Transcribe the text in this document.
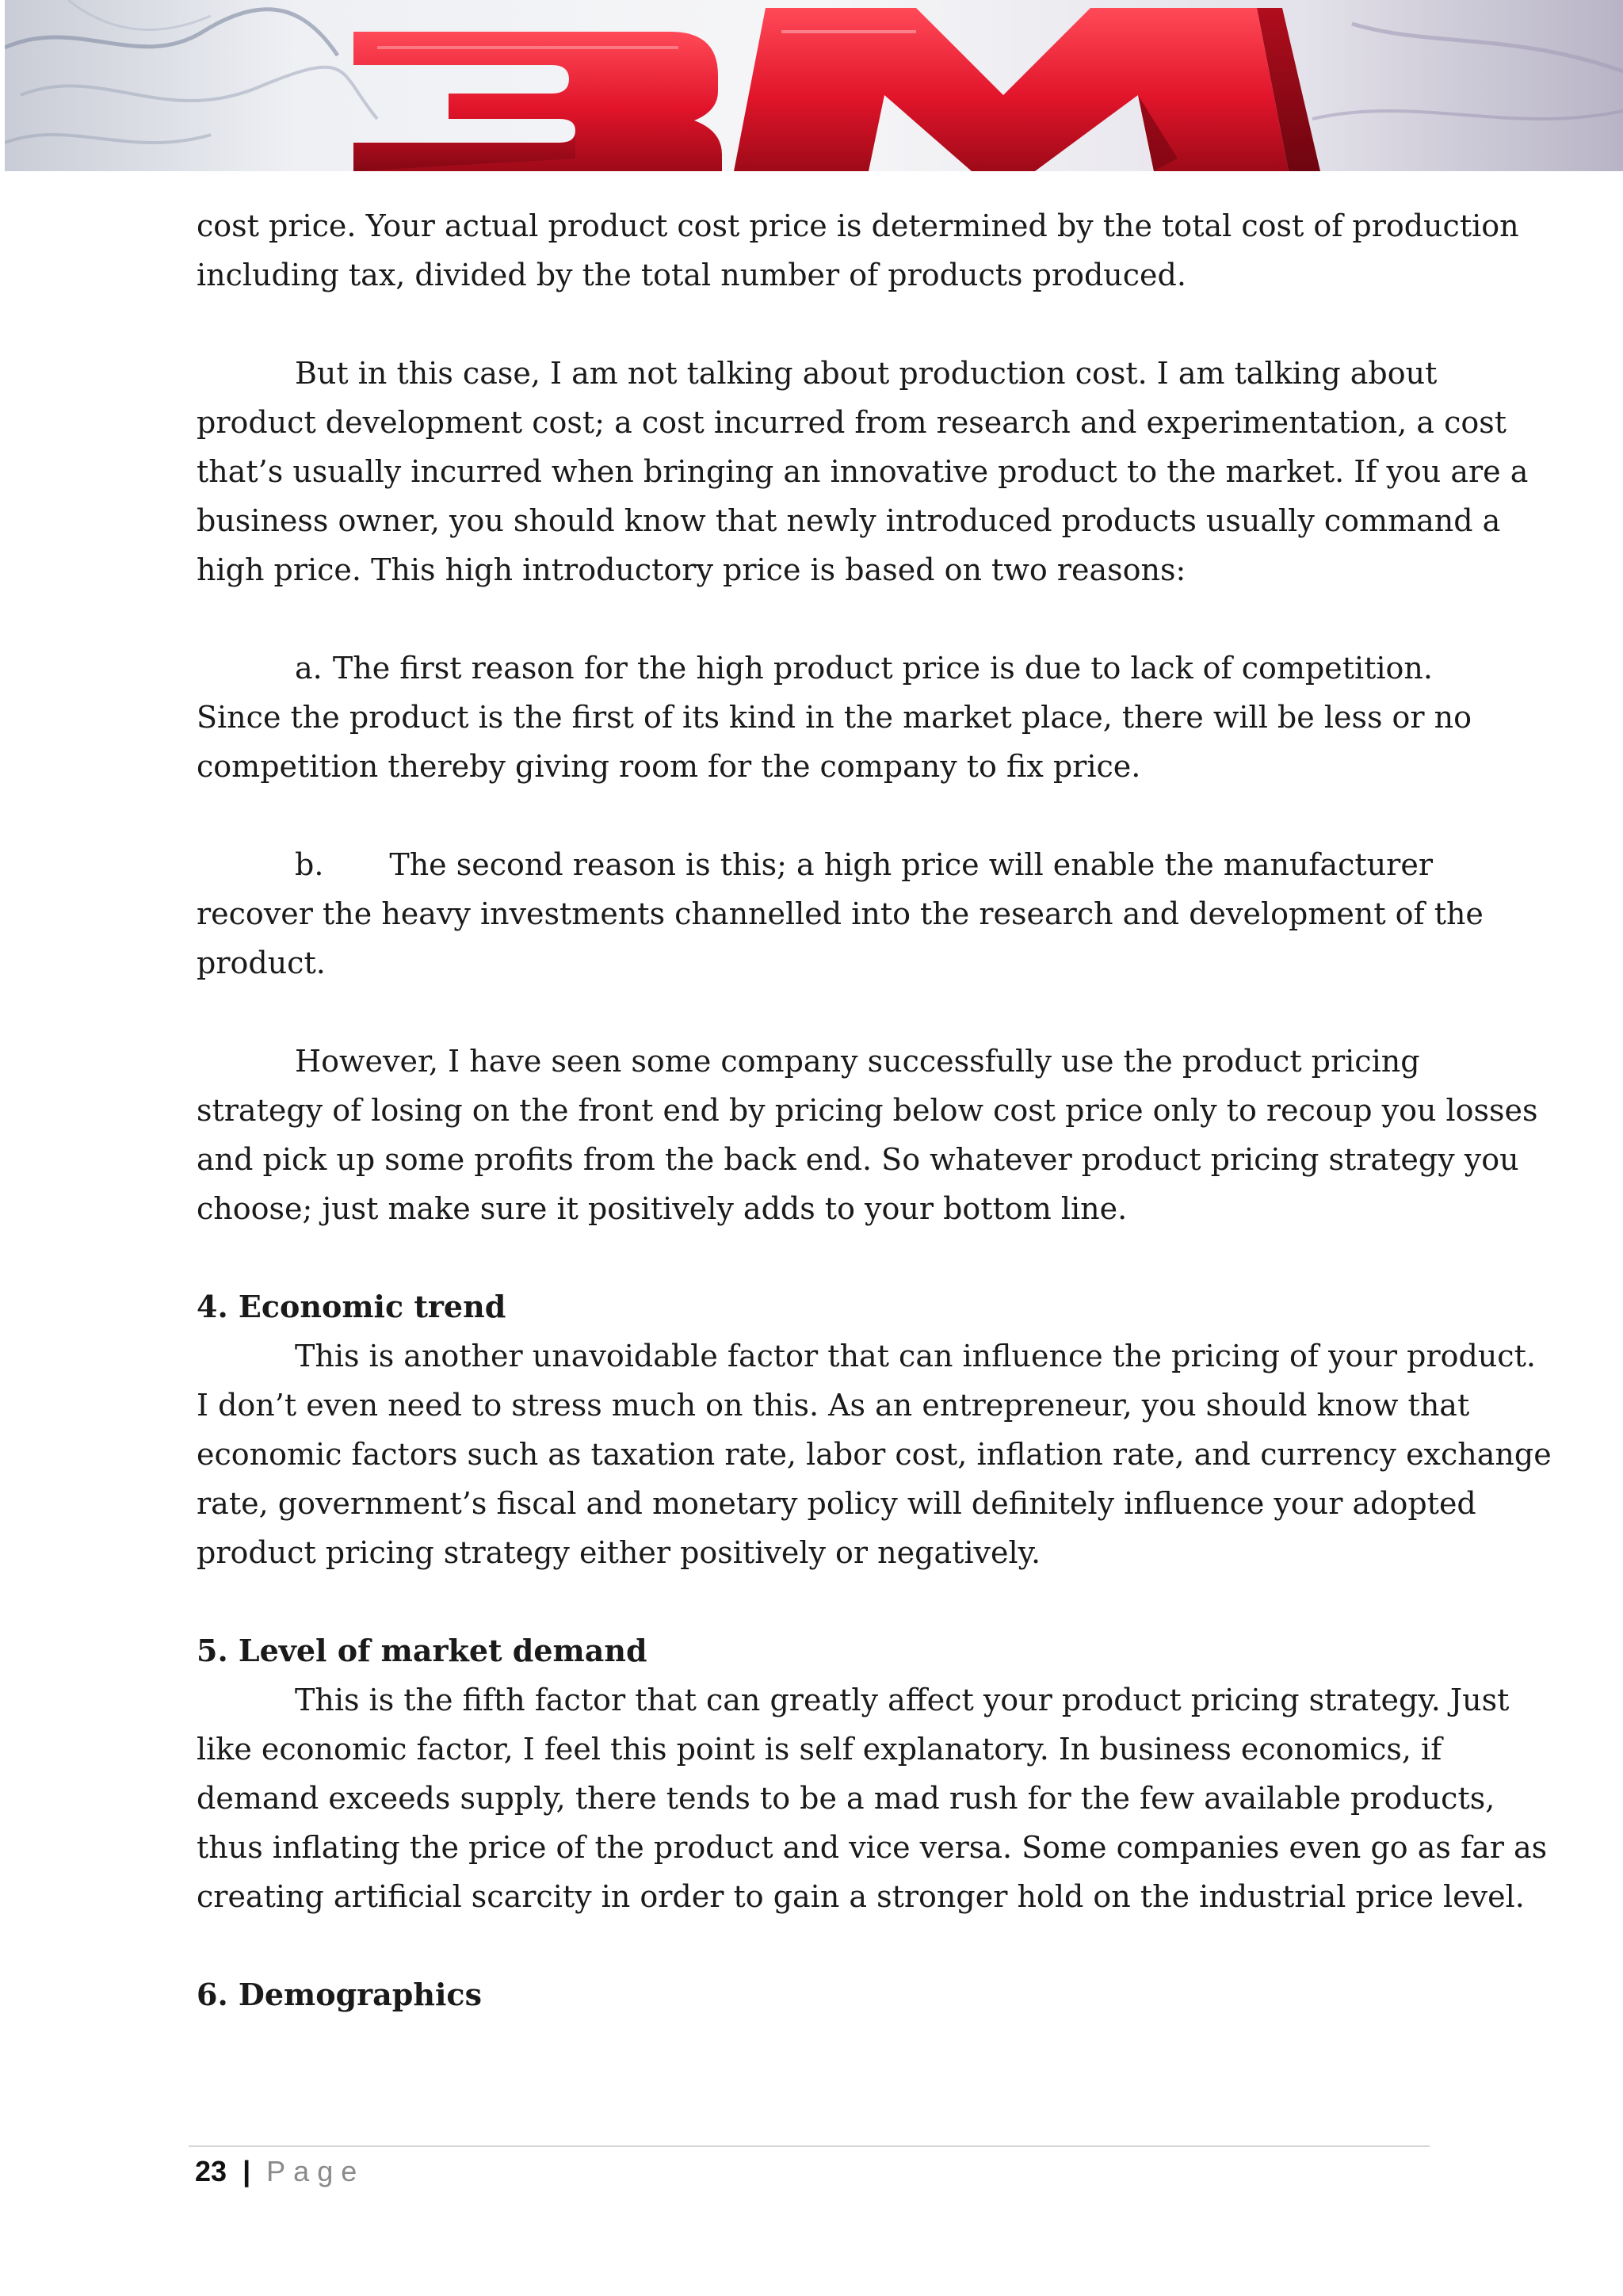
cost price. Your actual product cost price is determined by the total cost of production
including tax, divided by the total number of products produced.
But in this case, I am not talking about production cost. I am talking about
product development cost; a cost incurred from research and experimentation, a cost
that’s usually incurred when bringing an innovative product to the market. If you are a
business owner, you should know that newly introduced products usually command a
high price. This high introductory price is based on two reasons:
a. The first reason for the high product price is due to lack of competition.
Since the product is the first of its kind in the market place, there will be less or no
competition thereby giving room for the company to fix price.
b.	The second reason is this; a high price will enable the manufacturer
recover the heavy investments channelled into the research and development of the
product.
However, I have seen some company successfully use the product pricing
strategy of losing on the front end by pricing below cost price only to recoup you losses
and pick up some profits from the back end. So whatever product pricing strategy you
choose; just make sure it positively adds to your bottom line.
4. Economic trend
This is another unavoidable factor that can influence the pricing of your product.
I don’t even need to stress much on this. As an entrepreneur, you should know that
economic factors such as taxation rate, labor cost, inflation rate, and currency exchange
rate, government’s fiscal and monetary policy will definitely influence your adopted
product pricing strategy either positively or negatively.
5. Level of market demand
This is the fifth factor that can greatly affect your product pricing strategy. Just
like economic factor, I feel this point is self explanatory. In business economics, if
demand exceeds supply, there tends to be a mad rush for the few available products,
thus inflating the price of the product and vice versa. Some companies even go as far as
creating artificial scarcity in order to gain a stronger hold on the industrial price level.
6. Demographics
23 | Page
